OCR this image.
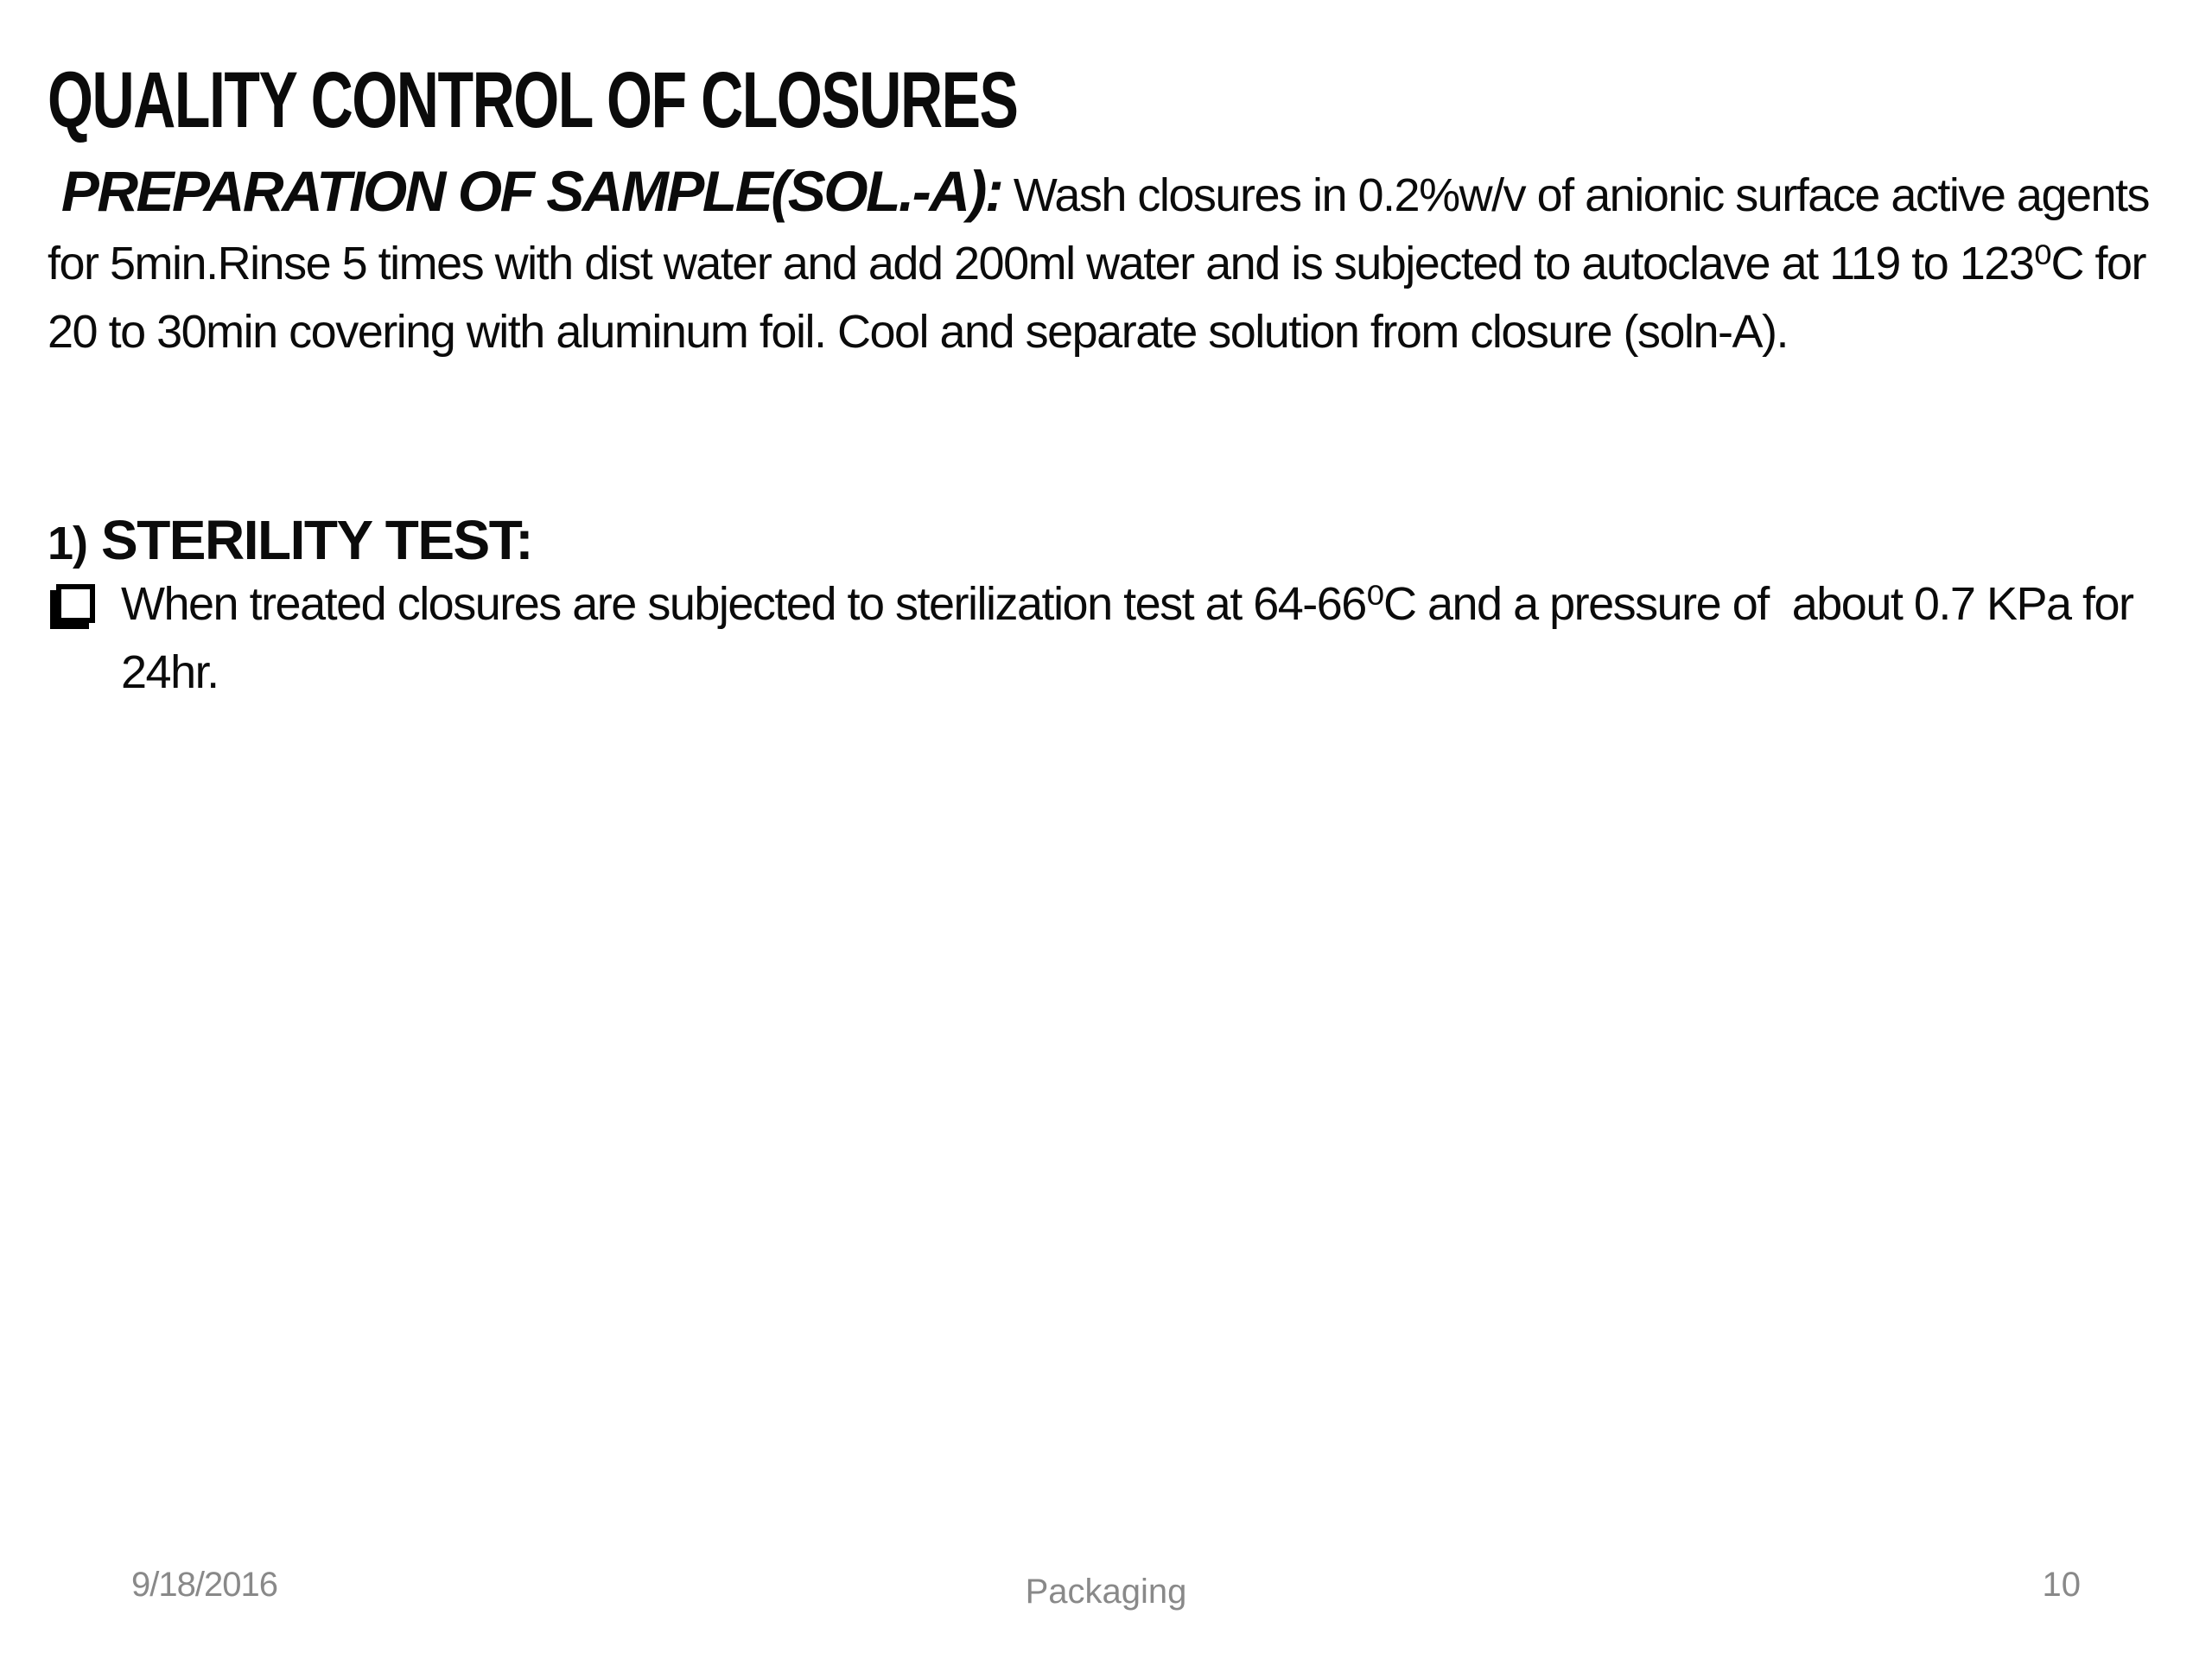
QUALITY CONTROL OF CLOSURES

PREPARATION OF SAMPLE(SOL.-A): Wash closures in 0.2%w/v of anionic surface active agents for 5min.Rinse 5 times with dist water and add 200ml water and is subjected to autoclave at 119 to 123⁰C for 20 to 30min covering with aluminum foil. Cool and separate solution from closure (soln-A).

1) STERILITY TEST:
When treated closures are subjected to sterilization test at 64-66⁰C and a pressure of  about 0.7 KPa for 24hr.
9/18/2016	Packaging	10
